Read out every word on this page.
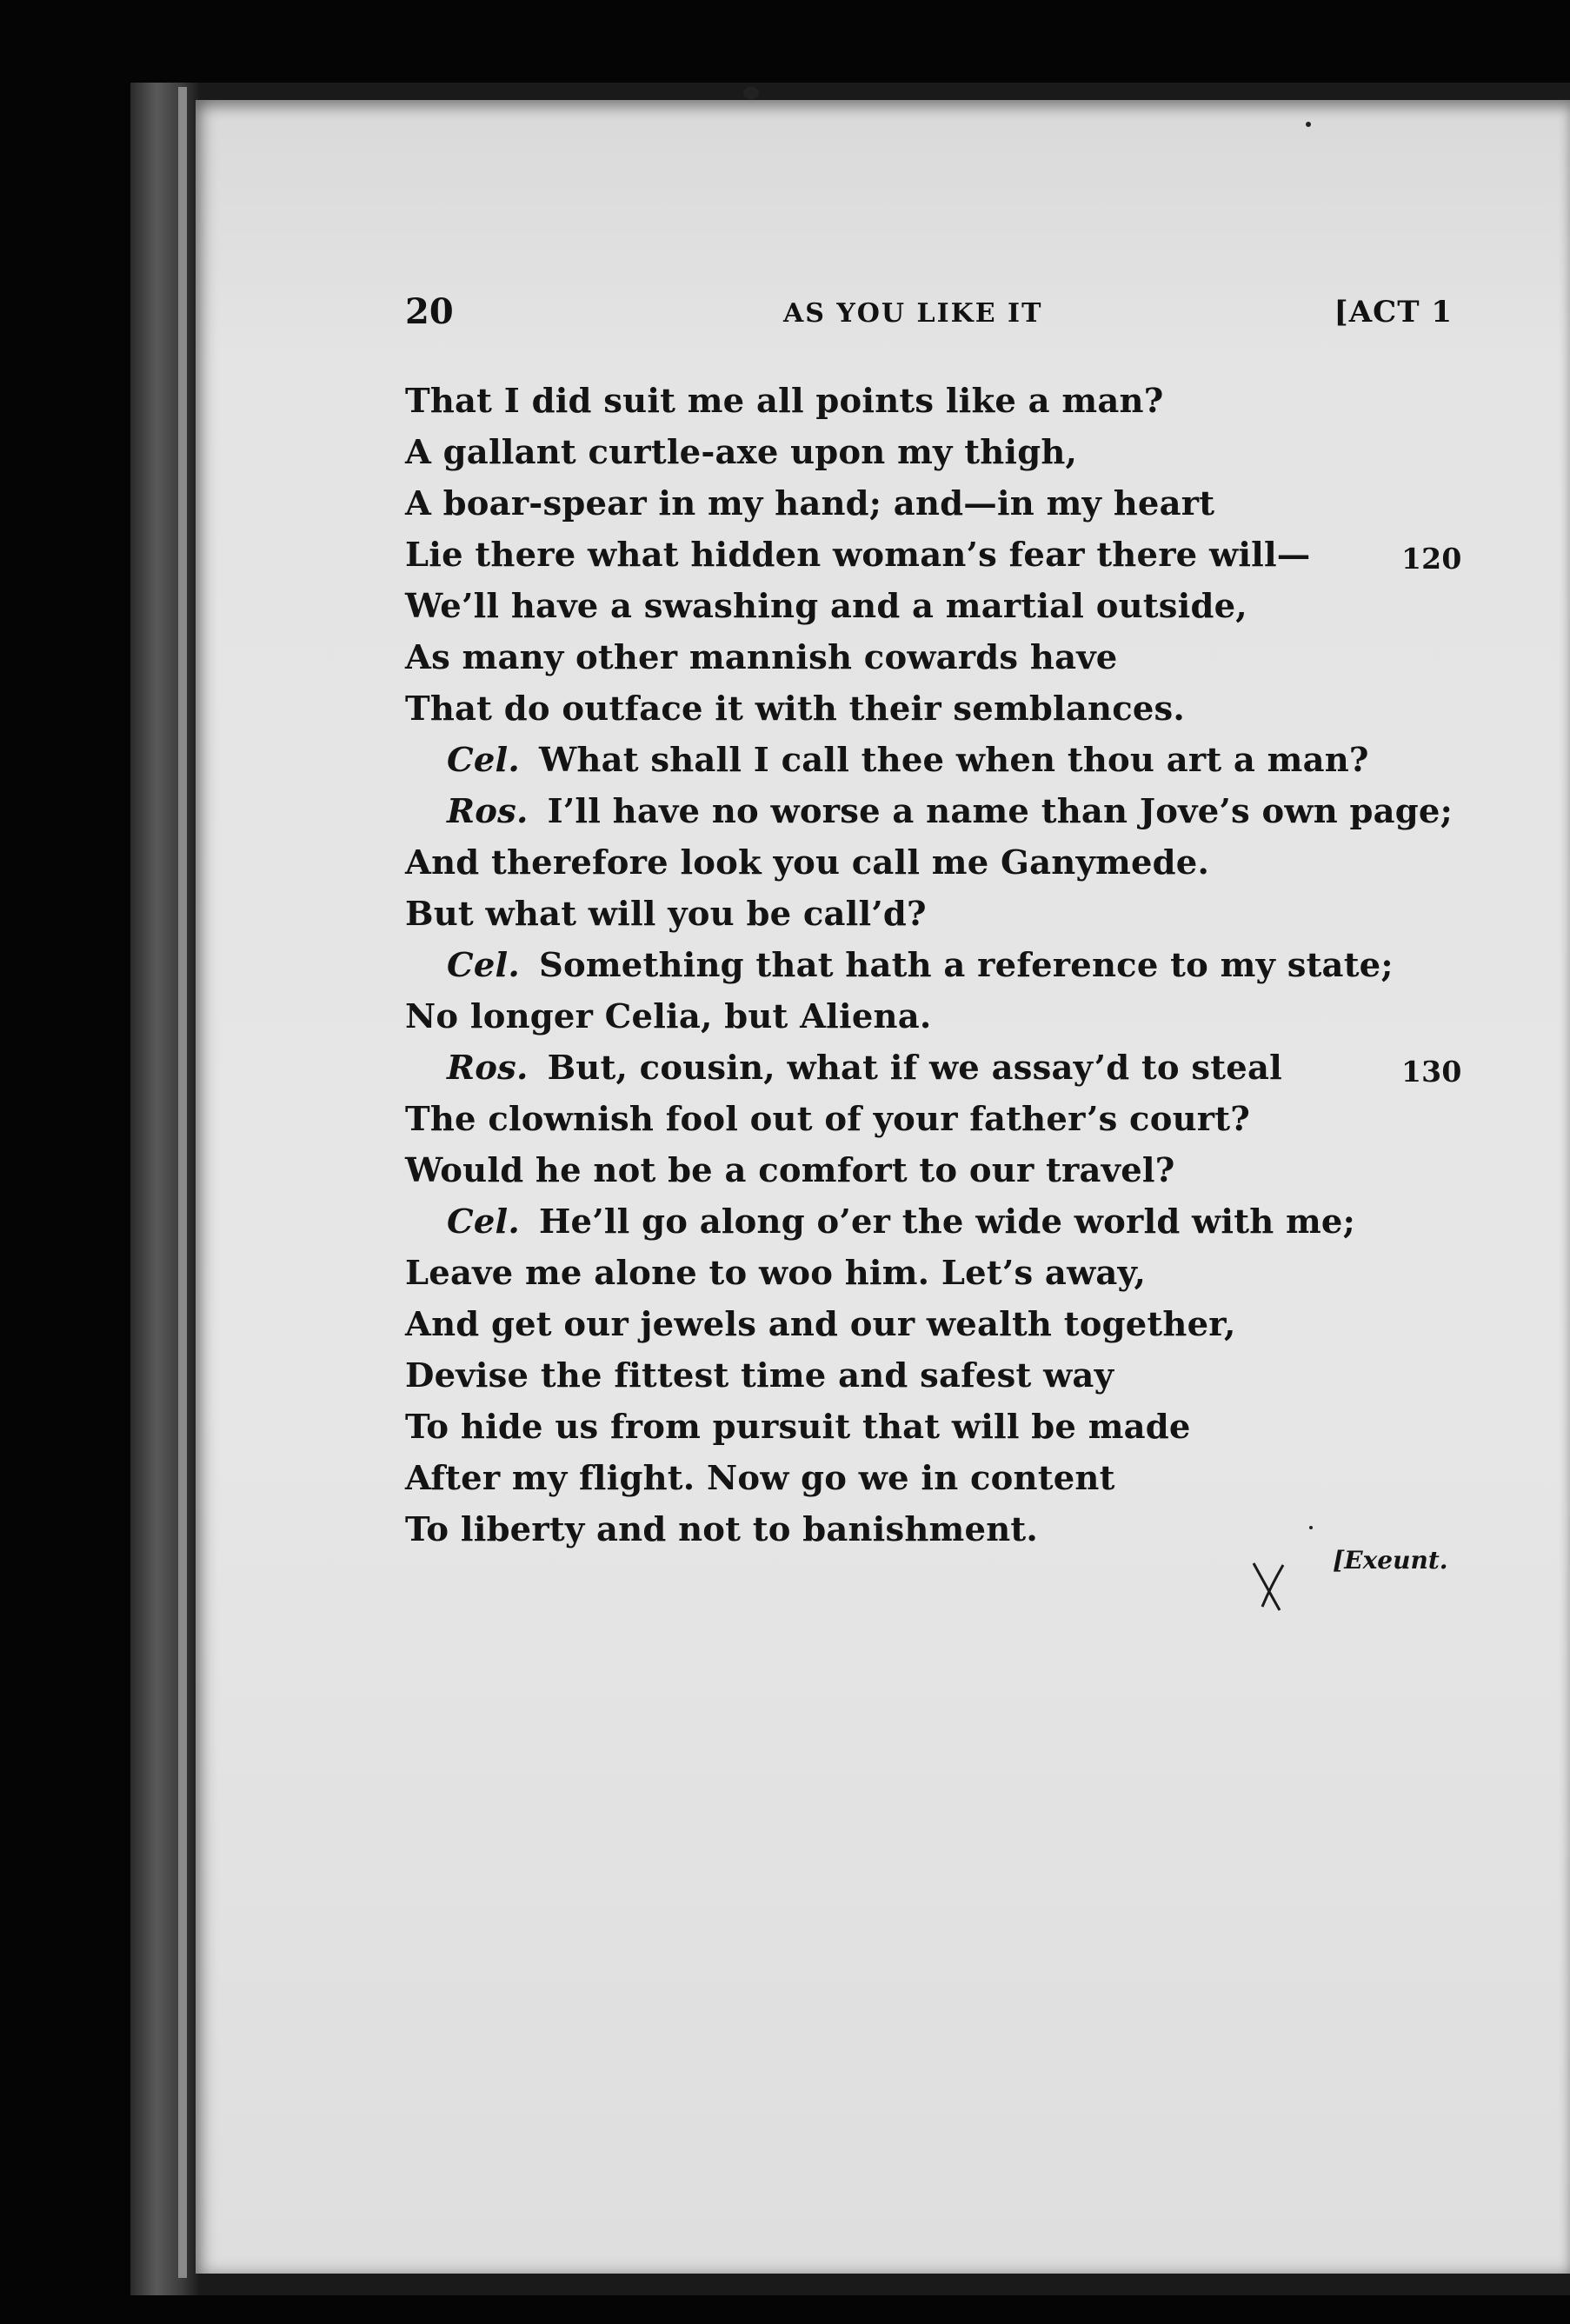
20	AS YOU LIKE IT	[ACT 1
That I did suit me all points like a man?
A gallant curtle-axe upon my thigh,
A boar-spear in my hand; and—in my heart
Lie there what hidden woman’s fear there will—	120
We’ll have a swashing and a martial outside,
As many other mannish cowards have
That do outface it with their semblances.
Cel. What shall I call thee when thou art a man?
Ros. I’ll have no worse a name than Jove’s own page;
And therefore look you call me Ganymede.
But what will you be call’d?
Cel. Something that hath a reference to my state;
No longer Celia, but Aliena.
Ros. But, cousin, what if we assay’d to steal	130
The clownish fool out of your father’s court?
Would he not be a comfort to our travel?
Cel. He’ll go along o’er the wide world with me;
Leave me alone to woo him. Let’s away,
And get our jewels and our wealth together,
Devise the fittest time and safest way
To hide us from pursuit that will be made
After my flight. Now go we in content
To liberty and not to banishment.
[Exeunt.
